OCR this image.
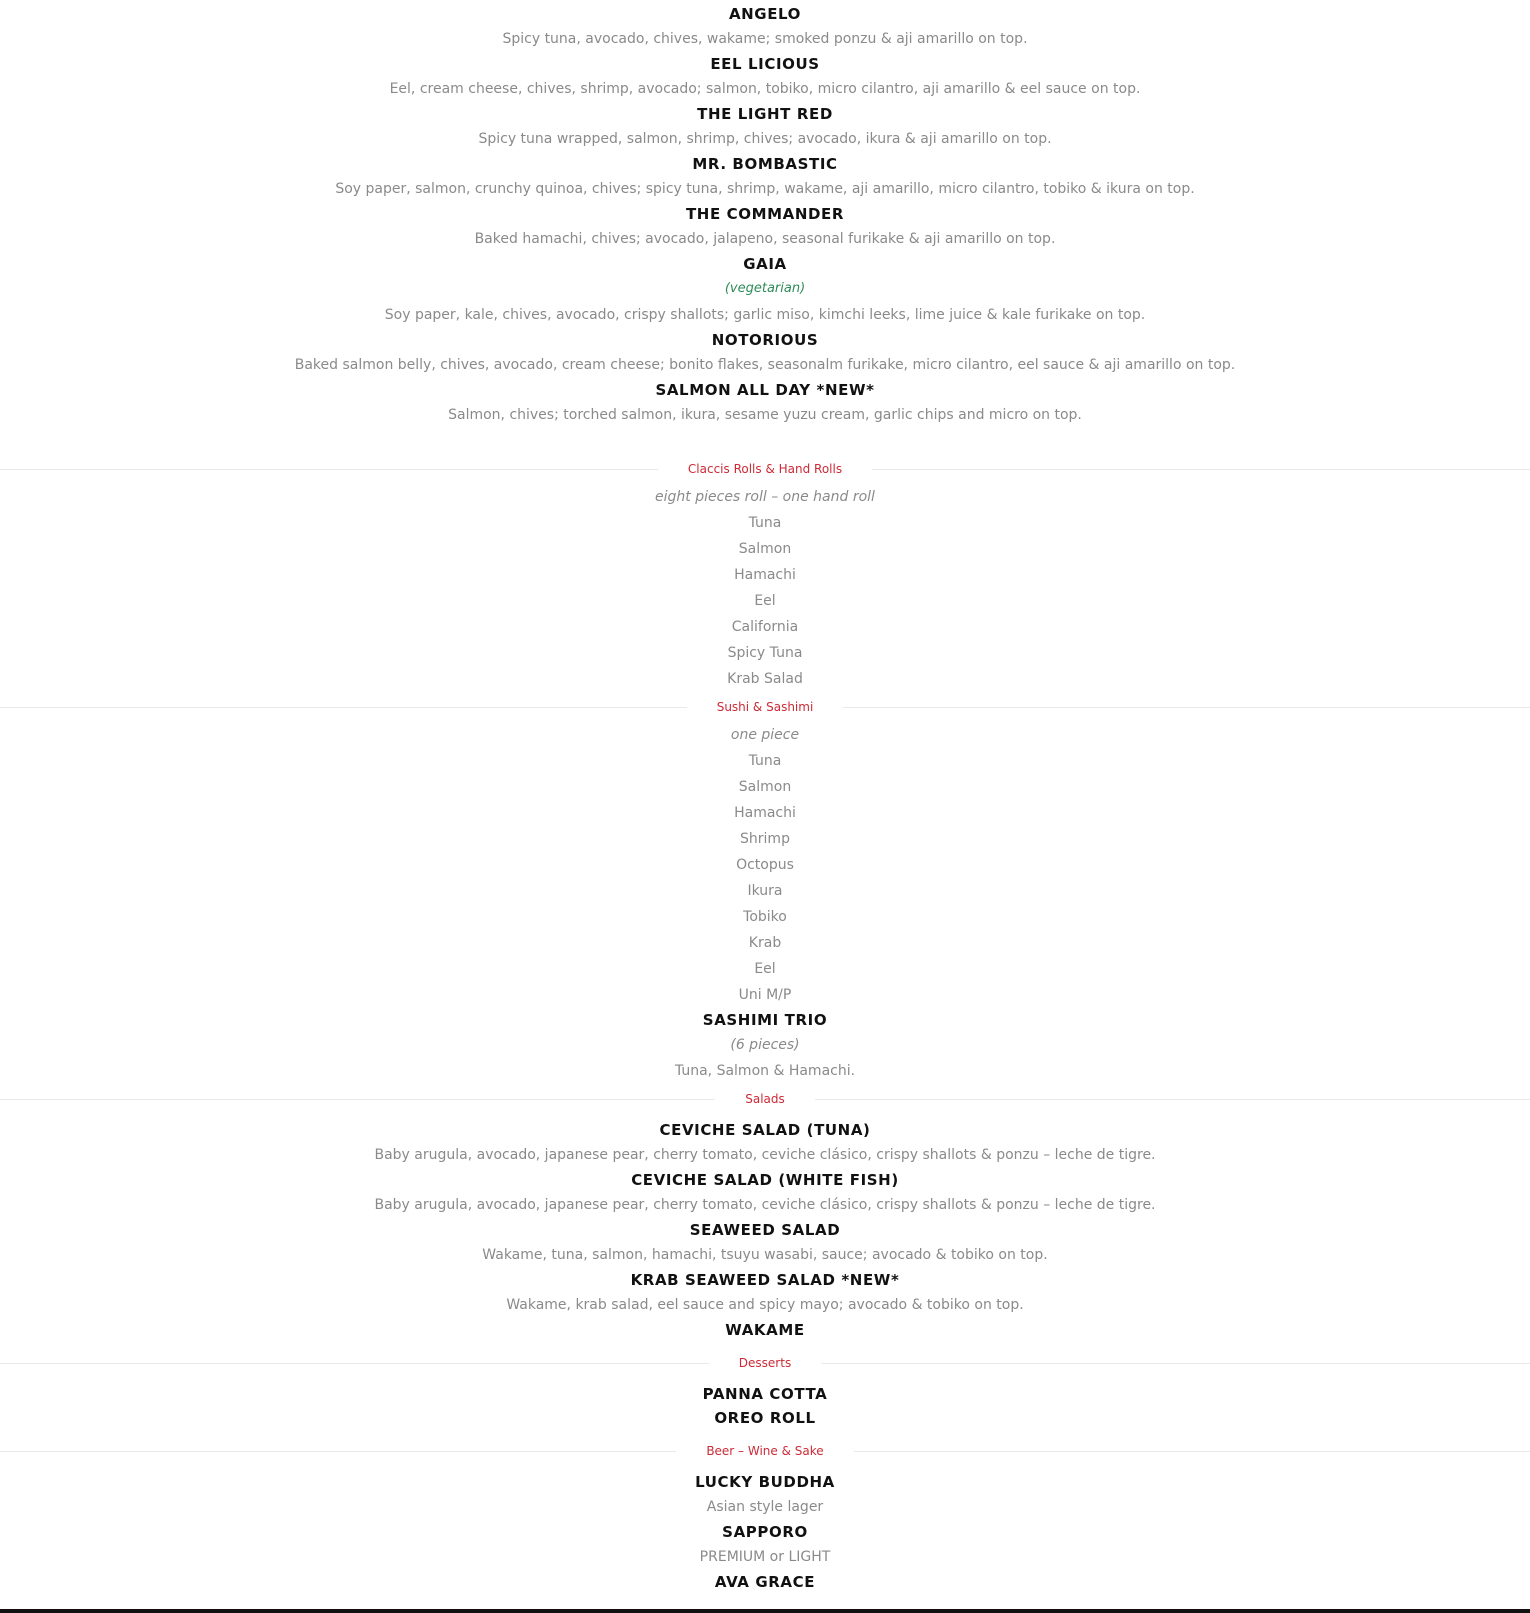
ANGELO
Spicy tuna, avocado, chives, wakame; smoked ponzu & aji amarillo on top.
EEL LICIOUS
Eel, cream cheese, chives, shrimp, avocado; salmon, tobiko, micro cilantro, aji amarillo & eel sauce on top.
THE LIGHT RED
Spicy tuna wrapped, salmon, shrimp, chives; avocado, ikura & aji amarillo on top.
MR. BOMBASTIC
Soy paper, salmon, crunchy quinoa, chives; spicy tuna, shrimp, wakame, aji amarillo, micro cilantro, tobiko & ikura on top.
THE COMMANDER
Baked hamachi, chives; avocado, jalapeno, seasonal furikake & aji amarillo on top.
GAIA
(vegetarian)
Soy paper, kale, chives, avocado, crispy shallots; garlic miso, kimchi leeks, lime juice & kale furikake on top.
NOTORIOUS
Baked salmon belly, chives, avocado, cream cheese; bonito flakes, seasonalm furikake, micro cilantro, eel sauce & aji amarillo on top.
SALMON ALL DAY *NEW*
Salmon, chives; torched salmon, ikura, sesame yuzu cream, garlic chips and micro on top.
Claccis Rolls & Hand Rolls
eight pieces roll – one hand roll
Tuna
Salmon
Hamachi
Eel
California
Spicy Tuna
Krab Salad
Sushi & Sashimi
one piece
Tuna
Salmon
Hamachi
Shrimp
Octopus
Ikura
Tobiko
Krab
Eel
Uni M/P
SASHIMI TRIO
(6 pieces)
Tuna, Salmon & Hamachi.
Salads
CEVICHE SALAD (TUNA)
Baby arugula, avocado, japanese pear, cherry tomato, ceviche clásico, crispy shallots & ponzu – leche de tigre.
CEVICHE SALAD (WHITE FISH)
Baby arugula, avocado, japanese pear, cherry tomato, ceviche clásico, crispy shallots & ponzu – leche de tigre.
SEAWEED SALAD
Wakame, tuna, salmon, hamachi, tsuyu wasabi, sauce; avocado & tobiko on top.
KRAB SEAWEED SALAD *NEW*
Wakame, krab salad, eel sauce and spicy mayo; avocado & tobiko on top.
WAKAME
Desserts
PANNA COTTA
OREO ROLL
Beer – Wine & Sake
LUCKY BUDDHA
Asian style lager
SAPPORO
PREMIUM or LIGHT
AVA GRACE
